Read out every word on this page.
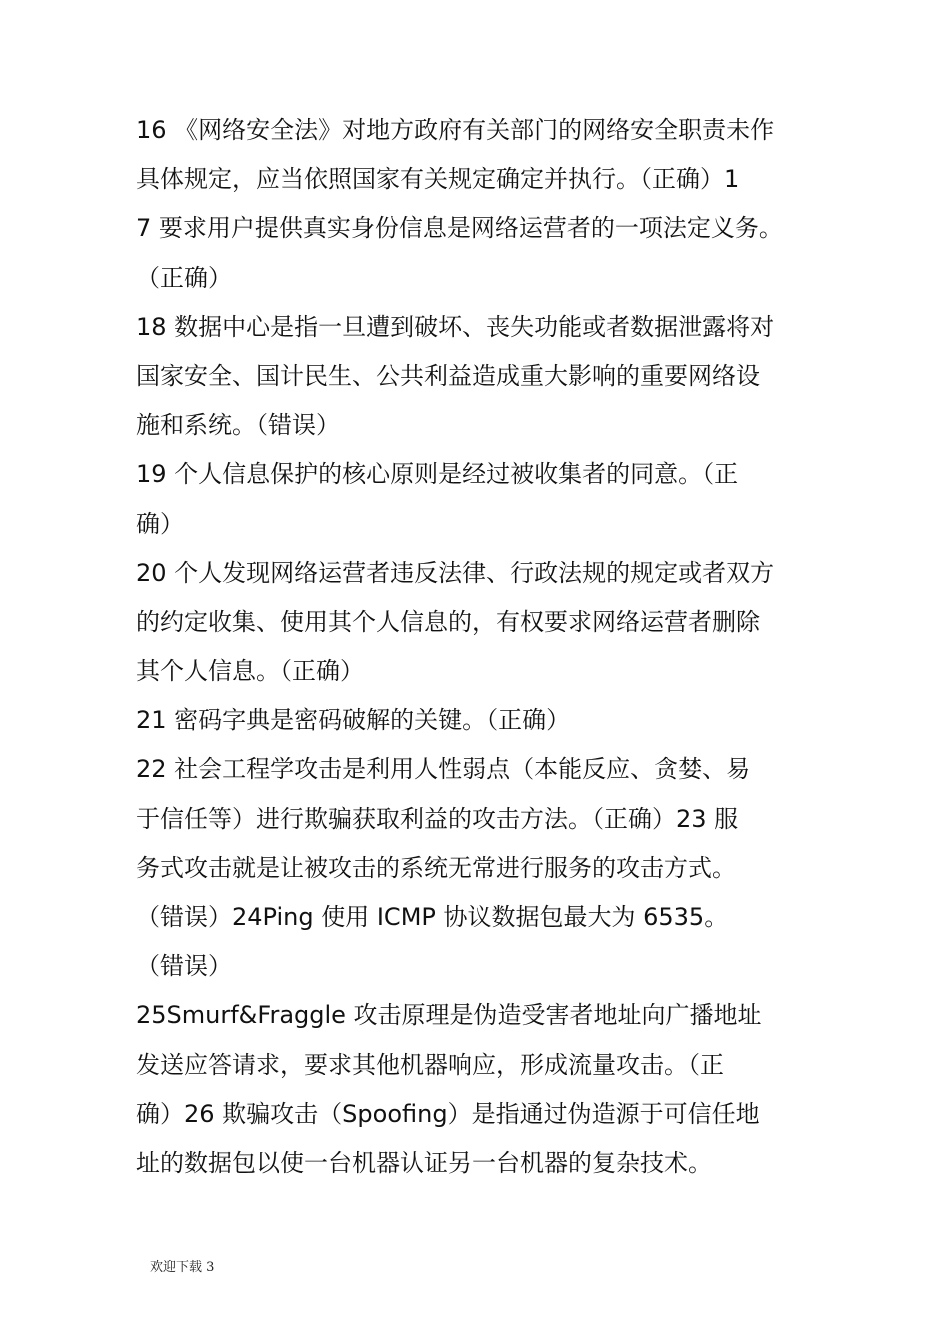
16 《网络安全法》对地方政府有关部门的网络安全职责未作
具体规定，应当依照国家有关规定确定并执行。（正确）1
7 要求用户提供真实身份信息是网络运营者的一项法定义务。
（正确）
18 数据中心是指一旦遭到破坏、丧失功能或者数据泄露将对
国家安全、国计民生、公共利益造成重大影响的重要网络设
施和系统。（错误）
19 个人信息保护的核心原则是经过被收集者的同意。（正
确）
20 个人发现网络运营者违反法律、行政法规的规定或者双方
的约定收集、使用其个人信息的，有权要求网络运营者删除
其个人信息。（正确）
21 密码字典是密码破解的关键。（正确）
22 社会工程学攻击是利用人性弱点（本能反应、贪婪、易
于信任等）进行欺骗获取利益的攻击方法。（正确）23 服
务式攻击就是让被攻击的系统无常进行服务的攻击方式。
（错误）24Ping 使用 ICMP 协议数据包最大为 6535。
（错误）
25Smurf&Fraggle 攻击原理是伪造受害者地址向广播地址
发送应答请求，要求其他机器响应，形成流量攻击。（正
确）26 欺骗攻击（Spoofing）是指通过伪造源于可信任地
址的数据包以使一台机器认证另一台机器的复杂技术。
欢迎下载 3
